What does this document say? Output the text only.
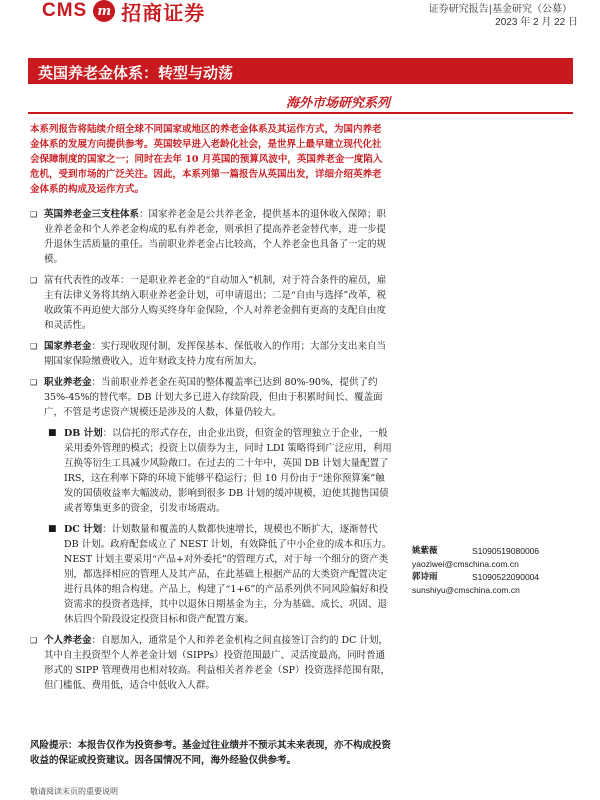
CMS m 招商证券	证券研究报告|基金研究（公募）
2023 年 2 月 22 日
英国养老金体系：转型与动荡
海外市场研究系列
本系列报告将陆续介绍全球不同国家或地区的养老金体系及其运作方式，为国内养老金体系的发展方向提供参考。英国较早进入老龄化社会，是世界上最早建立现代化社会保障制度的国家之一；同时在去年 10 月英国的预算风波中，英国养老金一度陷入危机，受到市场的广泛关注。因此，本系列第一篇报告从英国出发，详细介绍英养老金体系的构成及运作方式。
❑ 英国养老金三支柱体系：国家养老金是公共养老金，提供基本的退休收入保障；职业养老金和个人养老金构成的私有养老金，则承担了提高养老金替代率，进一步提升退休生活质量的重任。当前职业养老金占比较高，个人养老金也具备了一定的规模。
❑ 富有代表性的改革：一是职业养老金的“自动加入”机制，对于符合条件的雇员，雇主有法律义务将其纳入职业养老金计划，可申请退出；二是“自由与选择”改革，税收政策不再迫使大部分人购买终身年金保险，个人对养老金拥有更高的支配自由度和灵活性。
❑ 国家养老金：实行现收现付制，发挥保基本、保低收入的作用；大部分支出来自当期国家保险缴费收入，近年财政支持力度有所加大。
❑ 职业养老金：当前职业养老金在英国的整体覆盖率已达到 80%-90%，提供了约 35%-45%的替代率。DB 计划大多已进入存续阶段，但由于积累时间长、覆盖面广，不管是考虑资产规模还是涉及的人数，体量仍较大。
■ DB 计划：以信托的形式存在，由企业出资，但资金的管理独立于企业，一般采用委外管理的模式；投资上以债券为主，同时 LDI 策略得到广泛应用，利用互换等衍生工具减少风险敞口。在过去的二十年中，英国 DB 计划大量配置了 IRS，这在利率下降的环境下能够平稳运行；但 10 月份由于“迷你预算案”触发的国债收益率大幅波动，影响到很多 DB 计划的缓冲规模，迫使其抛售国债或者筹集更多的资金，引发市场震动。
■ DC 计划：计划数量和覆盖的人数都快速增长，规模也不断扩大，逐渐替代 DB 计划。政府配套成立了 NEST 计划，有效降低了中小企业的成本和压力。NEST 计划主要采用“产品+对外委托”的管理方式，对于每一个细分的资产类别，都选择相应的管理人及其产品，在此基础上根据产品的大类资产配置决定进行具体的组合构建。产品上，构建了“1+6”的产品系列供不同风险偏好和投资需求的投资者选择，其中以退休日期基金为主，分为基础、成长、巩固、退休后四个阶段设定投资目标和资产配置方案。
❑ 个人养老金：自愿加入，通常是个人和养老金机构之间直接签订合约的 DC 计划，其中自主投资型个人养老金计划（SIPPs）投资范围最广、灵活度最高，同时普通形式的 SIPP 管理费用也相对较高。利益相关者养老金（SP）投资选择范围有限，但门槛低、费用低，适合中低收入人群。
风险提示：本报告仅作为投资参考。基金过往业绩并不预示其未来表现，亦不构成投资收益的保证或投资建议。因各国情况不同，海外经验仅供参考。
姚紫薇	S1090519080006
yaoziwei@cmschina.com.cn
郭诗雨	S1090522090004
sunshiyu@cmschina.com.cn
敬请阅读末页的重要说明
